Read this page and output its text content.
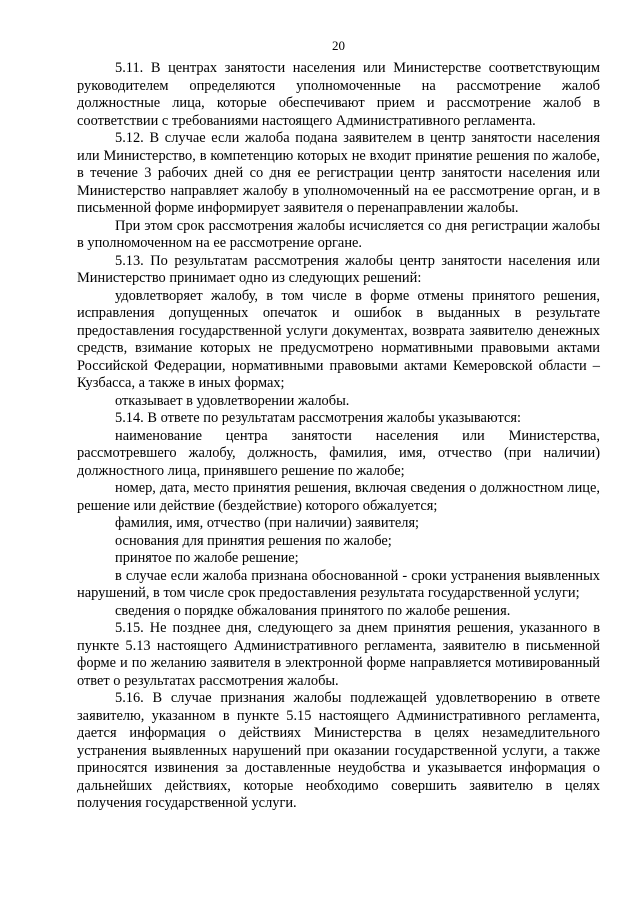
20

5.11. В центрах занятости населения или Министерстве соответствующим руководителем определяются уполномоченные на рассмотрение жалоб должностные лица, которые обеспечивают прием и рассмотрение жалоб в соответствии с требованиями настоящего Административного регламента.

5.12. В случае если жалоба подана заявителем в центр занятости населения или Министерство, в компетенцию которых не входит принятие решения по жалобе, в течение 3 рабочих дней со дня ее регистрации центр занятости населения или Министерство направляет жалобу в уполномоченный на ее рассмотрение орган, и в письменной форме информирует заявителя о перенаправлении жалобы.

При этом срок рассмотрения жалобы исчисляется со дня регистрации жалобы в уполномоченном на ее рассмотрение органе.

5.13. По результатам рассмотрения жалобы центр занятости населения или Министерство принимает одно из следующих решений:

удовлетворяет жалобу, в том числе в форме отмены принятого решения, исправления допущенных опечаток и ошибок в выданных в результате предоставления государственной услуги документах, возврата заявителю денежных средств, взимание которых не предусмотрено нормативными правовыми актами Российской Федерации, нормативными правовыми актами Кемеровской области – Кузбасса, а также в иных формах;

отказывает в удовлетворении жалобы.

5.14. В ответе по результатам рассмотрения жалобы указываются:

наименование центра занятости населения или Министерства, рассмотревшего жалобу, должность, фамилия, имя, отчество (при наличии) должностного лица, принявшего решение по жалобе;

номер, дата, место принятия решения, включая сведения о должностном лице, решение или действие (бездействие) которого обжалуется;

фамилия, имя, отчество (при наличии) заявителя;

основания для принятия решения по жалобе;

принятое по жалобе решение;

в случае если жалоба признана обоснованной - сроки устранения выявленных нарушений, в том числе срок предоставления результата государственной услуги;

сведения о порядке обжалования принятого по жалобе решения.

5.15. Не позднее дня, следующего за днем принятия решения, указанного в пункте 5.13 настоящего Административного регламента, заявителю в письменной форме и по желанию заявителя в электронной форме направляется мотивированный ответ о результатах рассмотрения жалобы.

5.16. В случае признания жалобы подлежащей удовлетворению в ответе заявителю, указанном в пункте 5.15 настоящего Административного регламента, дается информация о действиях Министерства в целях незамедлительного устранения выявленных нарушений при оказании государственной услуги, а также приносятся извинения за доставленные неудобства и указывается информация о дальнейших действиях, которые необходимо совершить заявителю в целях получения государственной услуги.
